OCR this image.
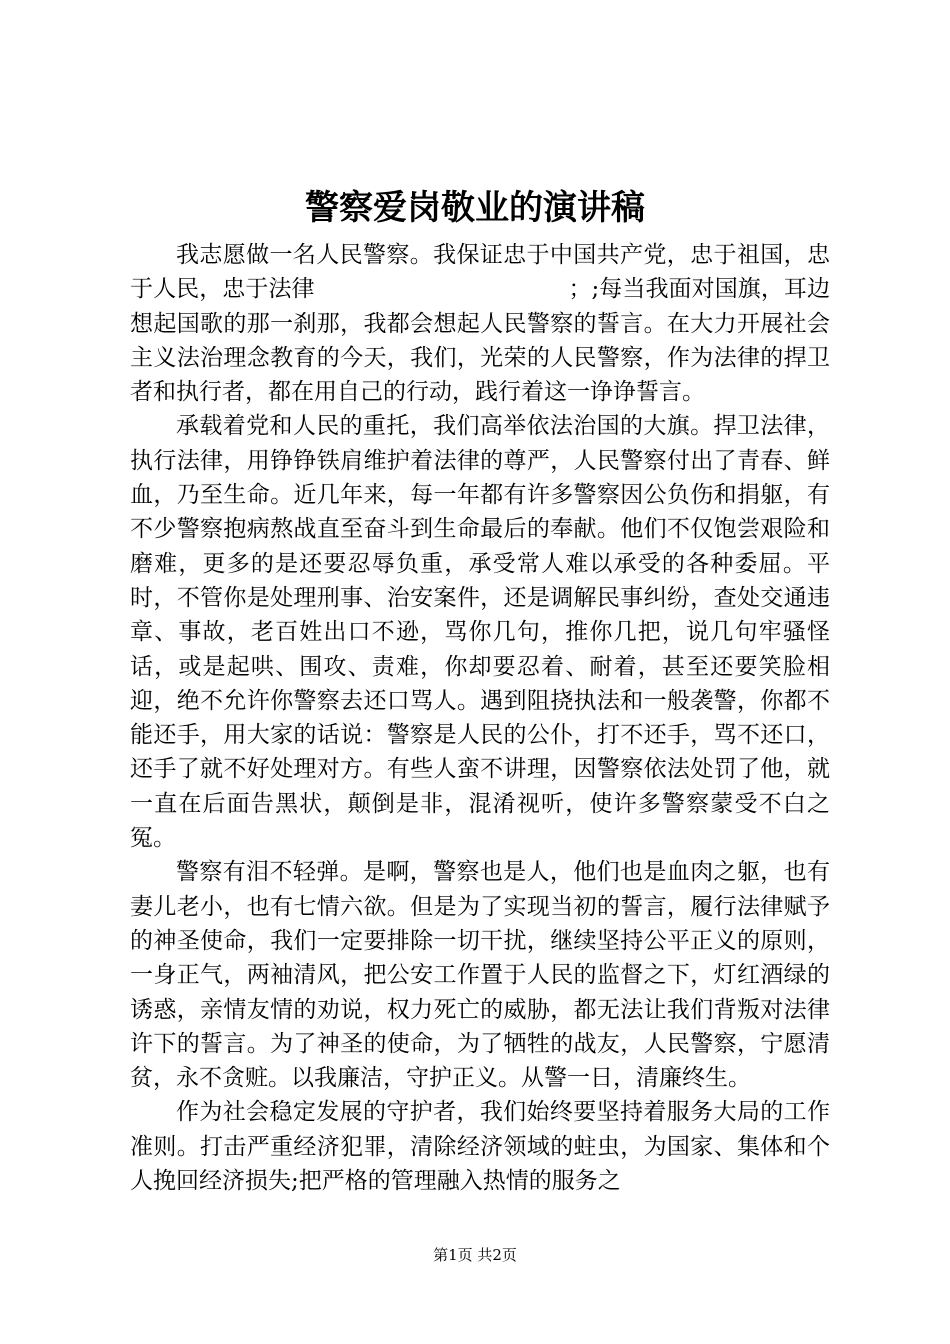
警察爱岗敬业的演讲稿

我志愿做一名人民警察。我保证忠于中国共产党，忠于祖国，忠于人民，忠于法律　　　　　　　　　　　；;每当我面对国旗，耳边想起国歌的那一刹那，我都会想起人民警察的誓言。在大力开展社会主义法治理念教育的今天，我们，光荣的人民警察，作为法律的捍卫者和执行者，都在用自己的行动，践行着这一诤诤誓言。

承载着党和人民的重托，我们高举依法治国的大旗。捍卫法律，执行法律，用铮铮铁肩维护着法律的尊严，人民警察付出了青春、鲜血，乃至生命。近几年来，每一年都有许多警察因公负伤和捐躯，有不少警察抱病熬战直至奋斗到生命最后的奉献。他们不仅饱尝艰险和磨难，更多的是还要忍辱负重，承受常人难以承受的各种委屈。平时，不管你是处理刑事、治安案件，还是调解民事纠纷，查处交通违章、事故，老百姓出口不逊，骂你几句，推你几把，说几句牢骚怪话，或是起哄、围攻、责难，你却要忍着、耐着，甚至还要笑脸相迎，绝不允许你警察去还口骂人。遇到阻挠执法和一般袭警，你都不能还手，用大家的话说：警察是人民的公仆，打不还手，骂不还口，还手了就不好处理对方。有些人蛮不讲理，因警察依法处罚了他，就一直在后面告黑状，颠倒是非，混淆视听，使许多警察蒙受不白之冤。

警察有泪不轻弹。是啊，警察也是人，他们也是血肉之躯，也有妻儿老小，也有七情六欲。但是为了实现当初的誓言，履行法律赋予的神圣使命，我们一定要排除一切干扰，继续坚持公平正义的原则，一身正气，两袖清风，把公安工作置于人民的监督之下，灯红酒绿的诱惑，亲情友情的劝说，权力死亡的威胁，都无法让我们背叛对法律许下的誓言。为了神圣的使命，为了牺牲的战友，人民警察，宁愿清贫，永不贪赃。以我廉洁，守护正义。从警一日，清廉终生。

作为社会稳定发展的守护者，我们始终要坚持着服务大局的工作准则。打击严重经济犯罪，清除经济领域的蛀虫，为国家、集体和个人挽回经济损失;把严格的管理融入热情的服务之

第1页 共2页
